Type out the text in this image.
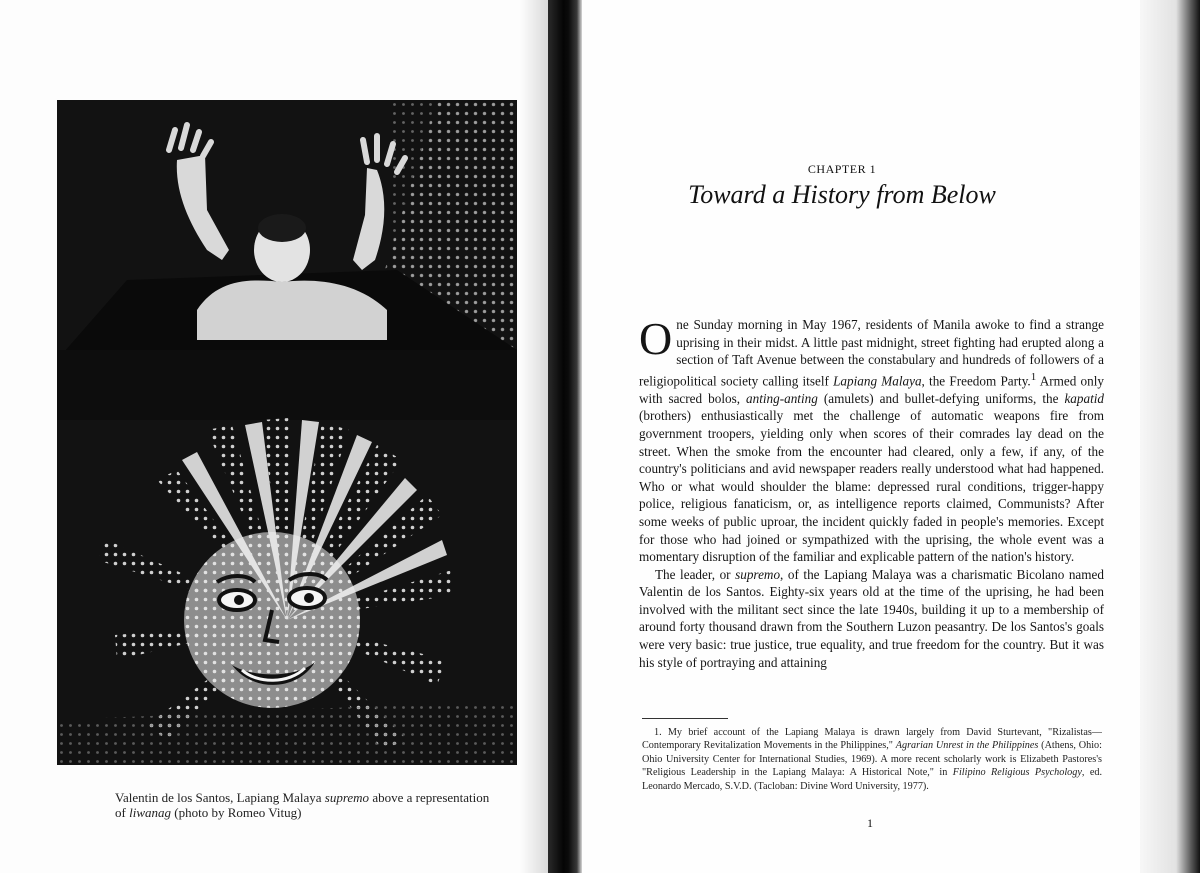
Valentin de los Santos, Lapiang Malaya supremo above a representation of liwanag (photo by Romeo Vitug)
CHAPTER 1
Toward a History from Below

One Sunday morning in May 1967, residents of Manila awoke to find a strange uprising in their midst. A little past midnight, street fighting had erupted along a section of Taft Avenue between the constabulary and hundreds of followers of a religiopolitical society calling itself Lapiang Malaya, the Freedom Party.$^1$ Armed only with sacred bolos, anting-anting (amulets) and bullet-defying uniforms, the kapatid (brothers) enthusiastically met the challenge of automatic weapons fire from government troopers, yielding only when scores of their comrades lay dead on the street. When the smoke from the encounter had cleared, only a few, if any, of the country's politicians and avid newspaper readers really understood what had happened. Who or what would shoulder the blame: depressed rural conditions, trigger-happy police, religious fanaticism, or, as intelligence reports claimed, Communists? After some weeks of public uproar, the incident quickly faded in people's memories. Except for those who had joined or sympathized with the uprising, the whole event was a momentary disruption of the familiar and explicable pattern of the nation's history.

The leader, or supremo, of the Lapiang Malaya was a charismatic Bicolano named Valentin de los Santos. Eighty-six years old at the time of the uprising, he had been involved with the militant sect since the late 1940s, building it up to a membership of around forty thousand drawn from the Southern Luzon peasantry. De los Santos's goals were very basic: true justice, true equality, and true freedom for the country. But it was his style of portraying and attaining

1. My brief account of the Lapiang Malaya is drawn largely from David Sturtevant, "Rizalistas—Contemporary Revitalization Movements in the Philippines," Agrarian Unrest in the Philippines (Athens, Ohio: Ohio University Center for International Studies, 1969). A more recent scholarly work is Elizabeth Pastores's "Religious Leadership in the Lapiang Malaya: A Historical Note," in Filipino Religious Psychology, ed. Leonardo Mercado, S.V.D. (Tacloban: Divine Word University, 1977).

1
